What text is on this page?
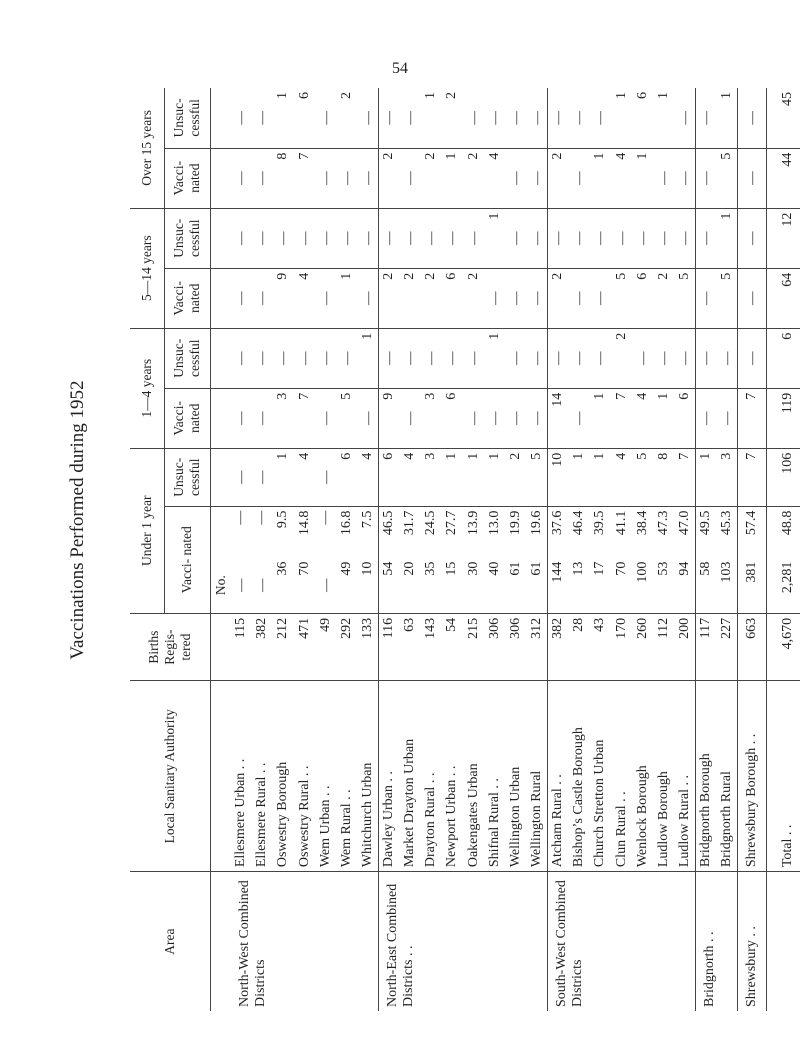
54
Vaccinations Performed during 1952
Area	Local Sanitary Authority	Births Regis- tered	Under 1 year			1—4 years		5—14 years		Over 15 years	
			Vacci- nated		Unsuc- cessful	Vacci- nated	Unsuc- cessful	Vacci- nated	Unsuc- cessful	Vacci- nated	Unsuc- cessful
			No.								
North-West Combined Districts	Ellesmere Urban . .	115	—	—	—	—	—	—	—	—	—
	Ellesmere Rural . .	382	—	—	—	—	—	—	—	—	—
	Oswestry Borough	212	36	9.5	1	3	—	9	—	8	1
	Oswestry Rural . .	471	70	14.8	4	7	—	4	—	7	6
	Wem Urban . .	49	—	—	—	—	—	—	—	—	—
	Wem Rural . .	292	49	16.8	6	5	—	1	—	—	2
	Whitchurch Urban	133	10	7.5	4	—	1	—	—	—	—
North-East Combined Districts . .	Dawley Urban . .	116	54	46.5	6	9	—	2	—	2	—
	Market Drayton Urban	63	20	31.7	4	—	—	2	—	—	—
	Drayton Rural . .	143	35	24.5	3	3	—	2	—	2	1
	Newport Urban . .	54	15	27.7	1	6	—	6	—	1	2
	Oakengates Urban	215	30	13.9	1	—	—	2	—	2	—
	Shifnal Rural . .	306	40	13.0	1	—	1	—	1	4	—
	Wellington Urban	306	61	19.9	2	—	—	—	—	—	—
	Wellington Rural	312	61	19.6	5	—	—	—	—	—	—
South-West Combined Districts	Atcham Rural . .	382	144	37.6	10	14	—	2	—	2	—
	Bishop’s Castle Borough	28	13	46.4	1	—	—	—	—	—	—
	Church Stretton Urban	43	17	39.5	1	1	—	—	—	1	—
	Clun Rural . .	170	70	41.1	4	7	2	5	—	4	1
	Wenlock Borough	260	100	38.4	5	4	—	6	—	1	6
	Ludlow Borough	112	53	47.3	8	1	—	2	—	—	1
	Ludlow Rural . .	200	94	47.0	7	6	—	5	—	—	—
Bridgnorth . .	Bridgnorth Borough	117	58	49.5	1	—	—	—	—	—	—
	Bridgnorth Rural	227	103	45.3	3	—	—	5	1	5	1
Shrewsbury . .	Shrewsbury Borough . .	663	381	57.4	7	7	—	—	—	—	—
	Total . .	4,670	2,281	48.8	106	119	6	64	12	44	45
